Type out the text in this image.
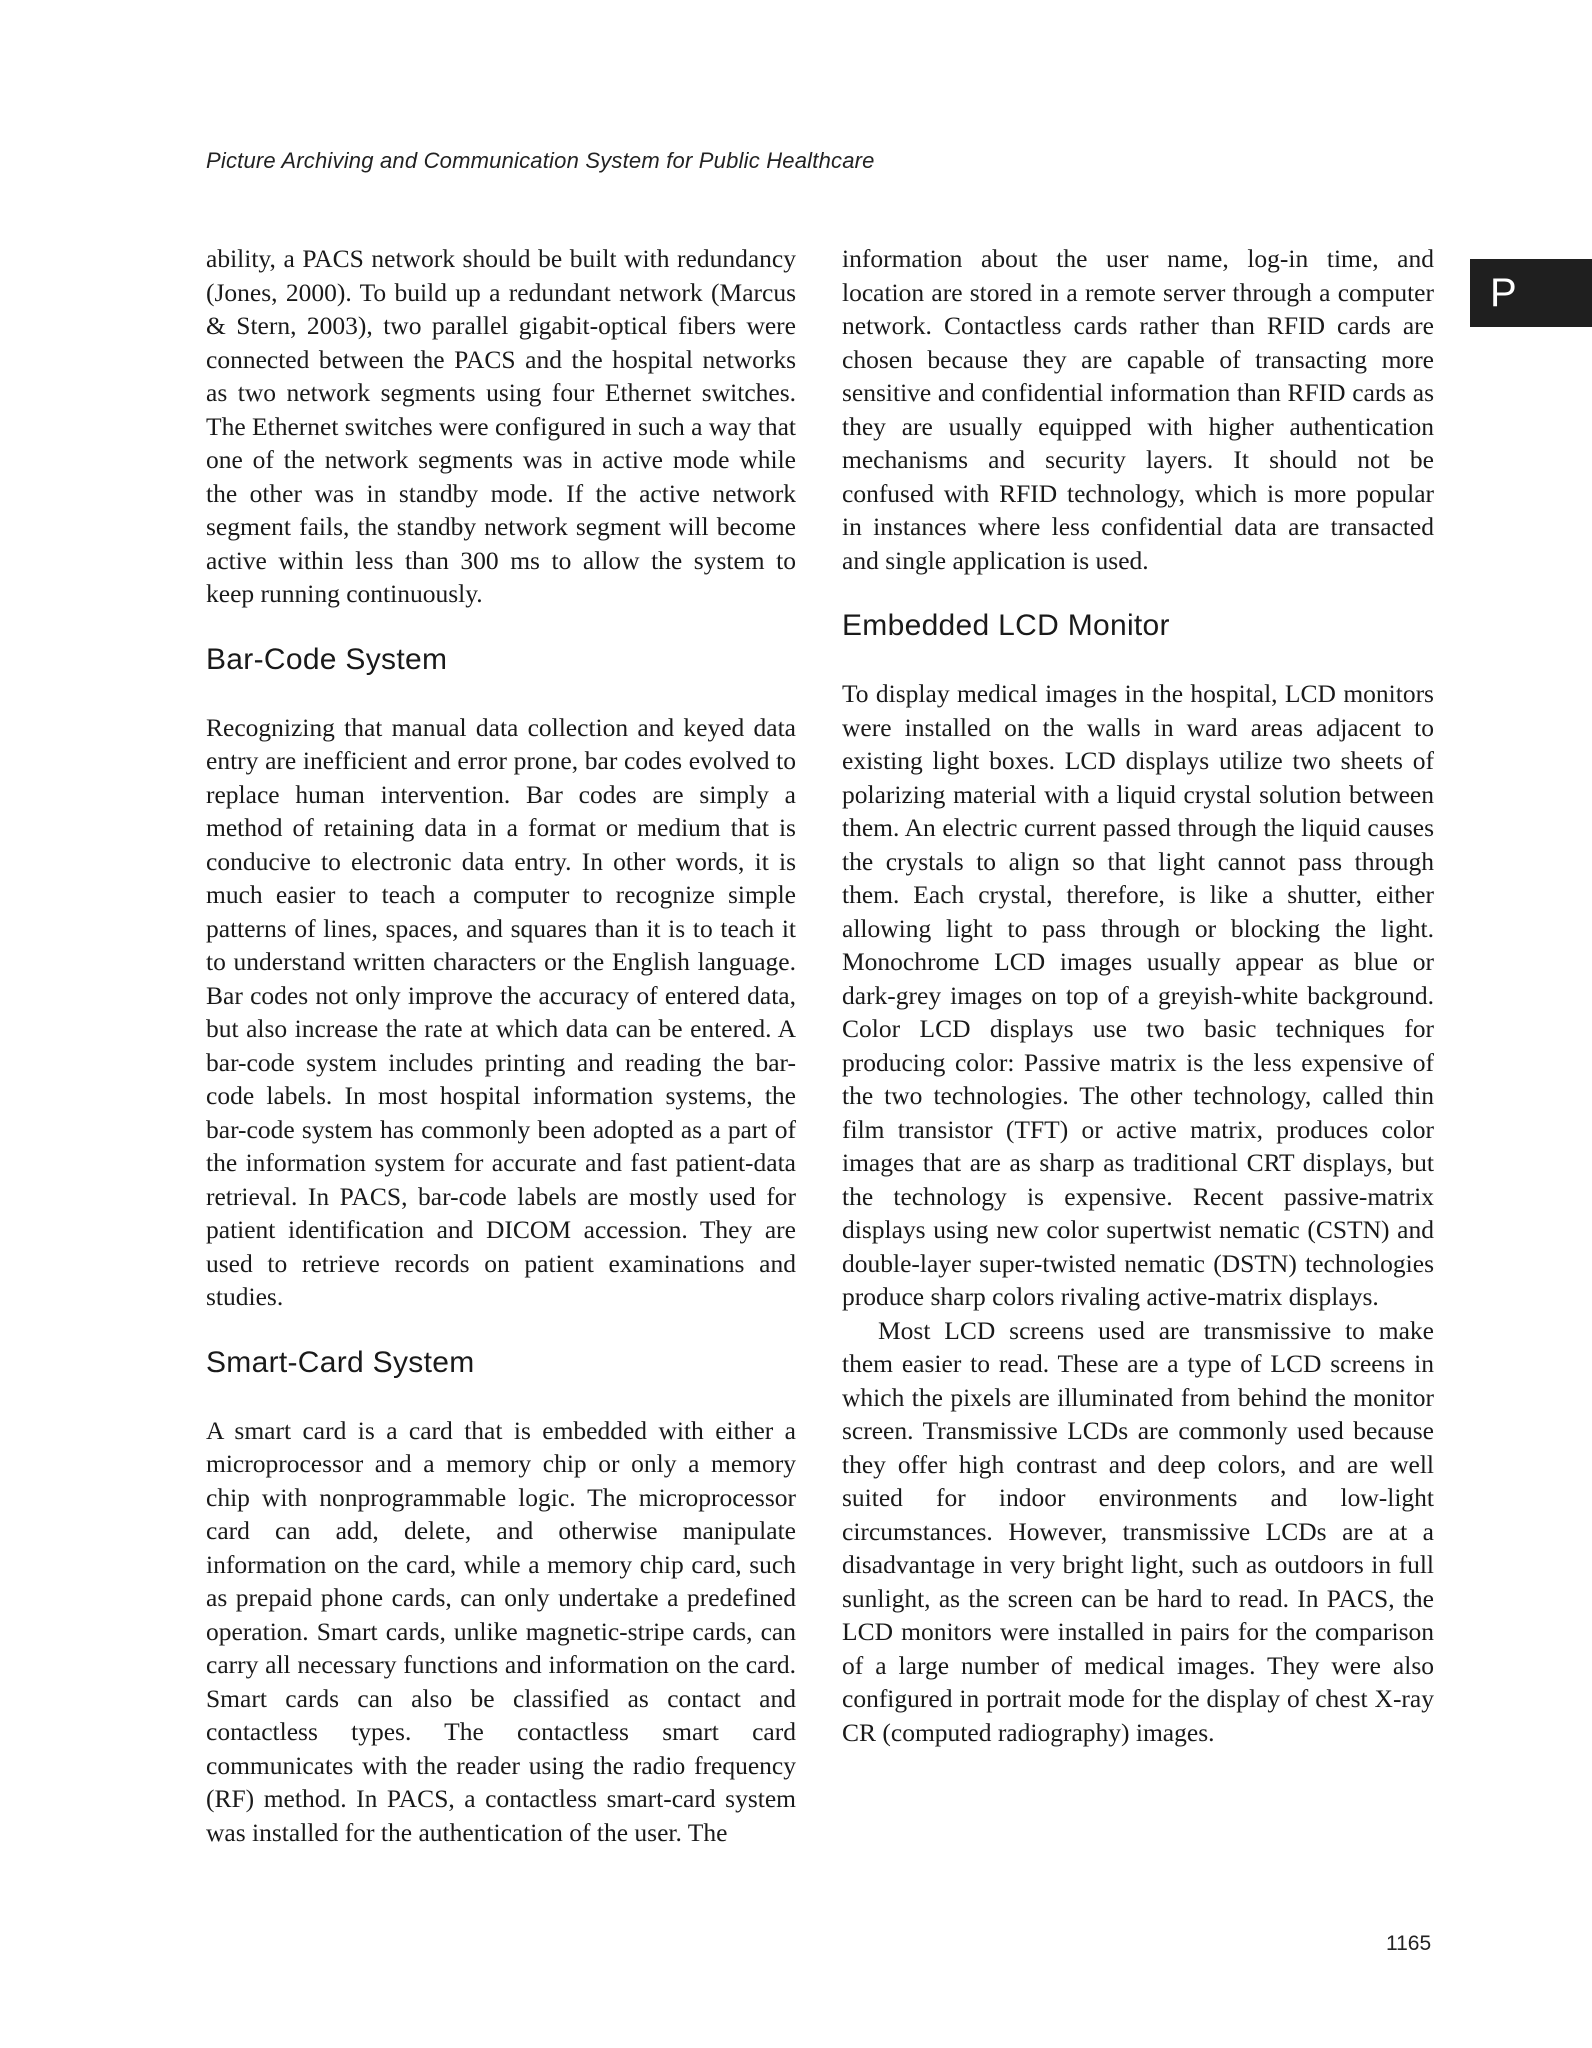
Picture Archiving and Communication System for Public Healthcare
P

ability, a PACS network should be built with redundancy (Jones, 2000). To build up a redundant network (Marcus & Stern, 2003), two parallel gigabit-optical fibers were connected between the PACS and the hospital networks as two network segments using four Ethernet switches. The Ethernet switches were configured in such a way that one of the network segments was in active mode while the other was in standby mode. If the active network segment fails, the standby network segment will become active within less than 300 ms to allow the system to keep running continuously.

Bar-Code System

Recognizing that manual data collection and keyed data entry are inefficient and error prone, bar codes evolved to replace human intervention. Bar codes are simply a method of retaining data in a format or medium that is conducive to electronic data entry. In other words, it is much easier to teach a computer to recognize simple patterns of lines, spaces, and squares than it is to teach it to understand written characters or the English language. Bar codes not only improve the accuracy of entered data, but also increase the rate at which data can be entered. A bar-code system includes printing and reading the bar-code labels. In most hospital information systems, the bar-code system has commonly been adopted as a part of the information system for accurate and fast patient-data retrieval. In PACS, bar-code labels are mostly used for patient identification and DICOM accession. They are used to retrieve records on patient examinations and studies.

Smart-Card System

A smart card is a card that is embedded with either a microprocessor and a memory chip or only a memory chip with nonprogrammable logic. The microprocessor card can add, delete, and otherwise manipulate information on the card, while a memory chip card, such as prepaid phone cards, can only undertake a predefined operation. Smart cards, unlike magnetic-stripe cards, can carry all necessary functions and information on the card. Smart cards can also be classified as contact and contactless types. The contactless smart card communicates with the reader using the radio frequency (RF) method. In PACS, a contactless smart-card system was installed for the authentication of the user. The

information about the user name, log-in time, and location are stored in a remote server through a computer network. Contactless cards rather than RFID cards are chosen because they are capable of transacting more sensitive and confidential information than RFID cards as they are usually equipped with higher authentication mechanisms and security layers. It should not be confused with RFID technology, which is more popular in instances where less confidential data are transacted and single application is used.

Embedded LCD Monitor

To display medical images in the hospital, LCD monitors were installed on the walls in ward areas adjacent to existing light boxes. LCD displays utilize two sheets of polarizing material with a liquid crystal solution between them. An electric current passed through the liquid causes the crystals to align so that light cannot pass through them. Each crystal, therefore, is like a shutter, either allowing light to pass through or blocking the light. Monochrome LCD images usually appear as blue or dark-grey images on top of a greyish-white background. Color LCD displays use two basic techniques for producing color: Passive matrix is the less expensive of the two technologies. The other technology, called thin film transistor (TFT) or active matrix, produces color images that are as sharp as traditional CRT displays, but the technology is expensive. Recent passive-matrix displays using new color supertwist nematic (CSTN) and double-layer super-twisted nematic (DSTN) technologies produce sharp colors rivaling active-matrix displays.

Most LCD screens used are transmissive to make them easier to read. These are a type of LCD screens in which the pixels are illuminated from behind the monitor screen. Transmissive LCDs are commonly used because they offer high contrast and deep colors, and are well suited for indoor environments and low-light circumstances. However, transmissive LCDs are at a disadvantage in very bright light, such as outdoors in full sunlight, as the screen can be hard to read. In PACS, the LCD monitors were installed in pairs for the comparison of a large number of medical images. They were also configured in portrait mode for the display of chest X-ray CR (computed radiography) images.

1165
